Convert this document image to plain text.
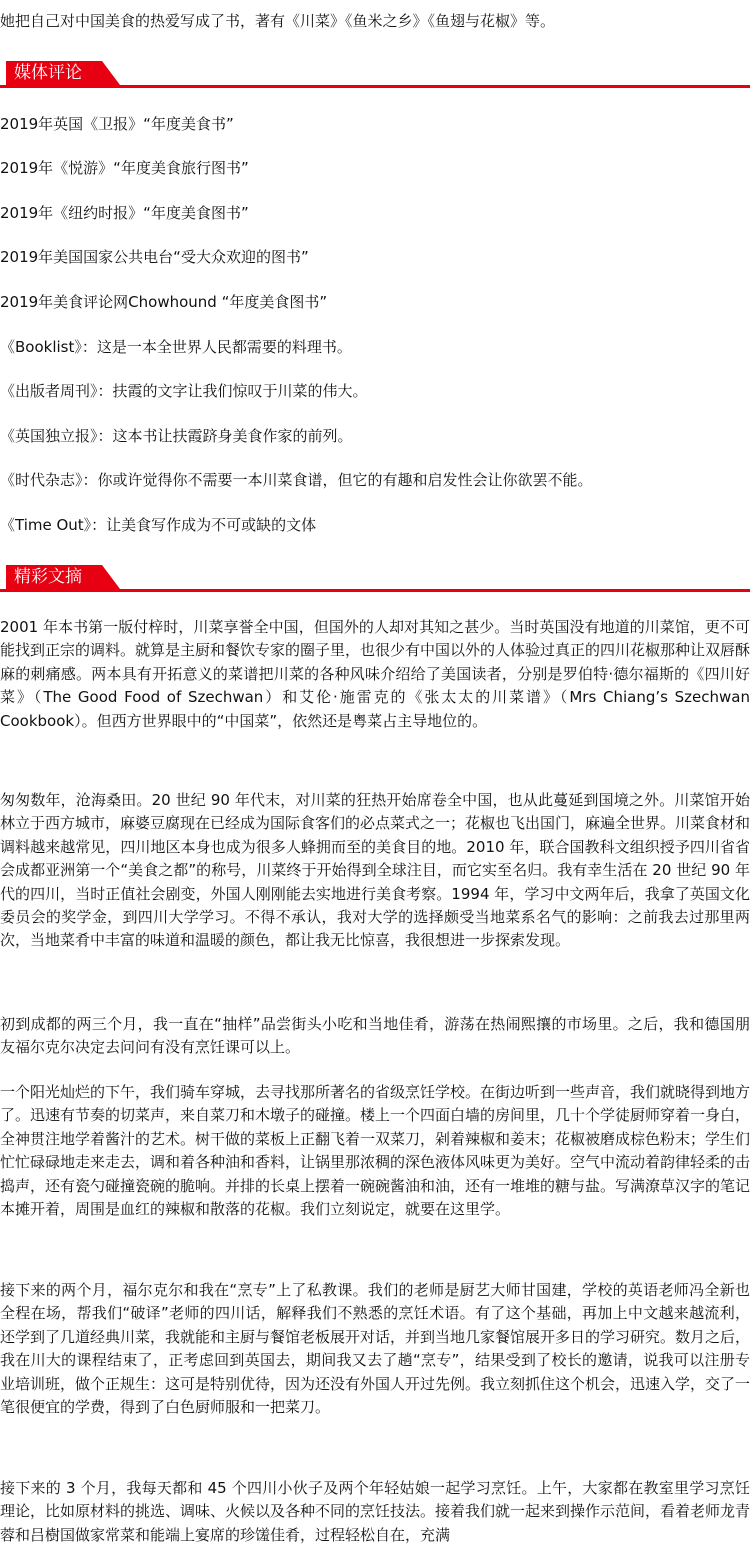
她把自己对中国美食的热爱写成了书，著有《川菜》《鱼米之乡》《鱼翅与花椒》等。
媒体评论
2019年英国《卫报》“年度美食书”
2019年《悦游》“年度美食旅行图书”
2019年《纽约时报》“年度美食图书”
2019年美国国家公共电台“受大众欢迎的图书”
2019年美食评论网Chowhound “年度美食图书”
《Booklist》：这是一本全世界人民都需要的料理书。
《出版者周刊》：扶霞的文字让我们惊叹于川菜的伟大。
《英国独立报》：这本书让扶霞跻身美食作家的前列。
《时代杂志》：你或许觉得你不需要一本川菜食谱，但它的有趣和启发性会让你欲罢不能。
《Time Out》：让美食写作成为不可或缺的文体
精彩文摘

2001 年本书第一版付梓时，川菜享誉全中国，但国外的人却对其知之甚少。当时英国没有地道的川菜馆，更不可能找到正宗的调料。就算是主厨和餐饮专家的圈子里，也很少有中国以外的人体验过真正的四川花椒那种让双唇酥麻的刺痛感。两本具有开拓意义的菜谱把川菜的各种风味介绍给了美国读者，分别是罗伯特·德尔福斯的《四川好菜》（The Good Food of Szechwan）和艾伦·施雷克的《张太太的川菜谱》（Mrs Chiang’s Szechwan Cookbook）。但西方世界眼中的“中国菜”，依然还是粤菜占主导地位的。

匆匆数年，沧海桑田。20 世纪 90 年代末，对川菜的狂热开始席卷全中国，也从此蔓延到国境之外。川菜馆开始林立于西方城市，麻婆豆腐现在已经成为国际食客们的必点菜式之一；花椒也飞出国门，麻遍全世界。川菜食材和调料越来越常见，四川地区本身也成为很多人蜂拥而至的美食目的地。2010 年，联合国教科文组织授予四川省省会成都亚洲第一个“美食之都”的称号，川菜终于开始得到全球注目，而它实至名归。我有幸生活在 20 世纪 90 年代的四川，当时正值社会剧变，外国人刚刚能去实地进行美食考察。1994 年，学习中文两年后，我拿了英国文化委员会的奖学金，到四川大学学习。不得不承认，我对大学的选择颇受当地菜系名气的影响：之前我去过那里两次，当地菜肴中丰富的味道和温暖的颜色，都让我无比惊喜，我很想进一步探索发现。

初到成都的两三个月，我一直在“抽样”品尝街头小吃和当地佳肴，游荡在热闹熙攘的市场里。之后，我和德国朋友福尔克尔决定去问问有没有烹饪课可以上。

一个阳光灿烂的下午，我们骑车穿城，去寻找那所著名的省级烹饪学校。在街边听到一些声音，我们就晓得到地方了。迅速有节奏的切菜声，来自菜刀和木墩子的碰撞。楼上一个四面白墙的房间里，几十个学徒厨师穿着一身白，全神贯注地学着酱汁的艺术。树干做的菜板上正翻飞着一双菜刀，剁着辣椒和姜末；花椒被磨成棕色粉末；学生们忙忙碌碌地走来走去，调和着各种油和香料，让锅里那浓稠的深色液体风味更为美好。空气中流动着韵律轻柔的击捣声，还有瓷勺碰撞瓷碗的脆响。并排的长桌上摆着一碗碗酱油和油，还有一堆堆的糖与盐。写满潦草汉字的笔记本摊开着，周围是血红的辣椒和散落的花椒。我们立刻说定，就要在这里学。

接下来的两个月，福尔克尔和我在“烹专”上了私教课。我们的老师是厨艺大师甘国建，学校的英语老师冯全新也全程在场，帮我们“破译”老师的四川话，解释我们不熟悉的烹饪术语。有了这个基础，再加上中文越来越流利，还学到了几道经典川菜，我就能和主厨与餐馆老板展开对话，并到当地几家餐馆展开多日的学习研究。数月之后，我在川大的课程结束了，正考虑回到英国去，期间我又去了趟“烹专”，结果受到了校长的邀请，说我可以注册专业培训班，做个正规生：这可是特别优待，因为还没有外国人开过先例。我立刻抓住这个机会，迅速入学，交了一笔很便宜的学费，得到了白色厨师服和一把菜刀。

接下来的 3 个月，我每天都和 45 个四川小伙子及两个年轻姑娘一起学习烹饪。上午，大家都在教室里学习烹饪理论，比如原材料的挑选、调味、火候以及各种不同的烹饪技法。接着我们就一起来到操作示范间，看着老师龙青蓉和吕樹国做家常菜和能端上宴席的珍馐佳肴，过程轻松自在，充满
